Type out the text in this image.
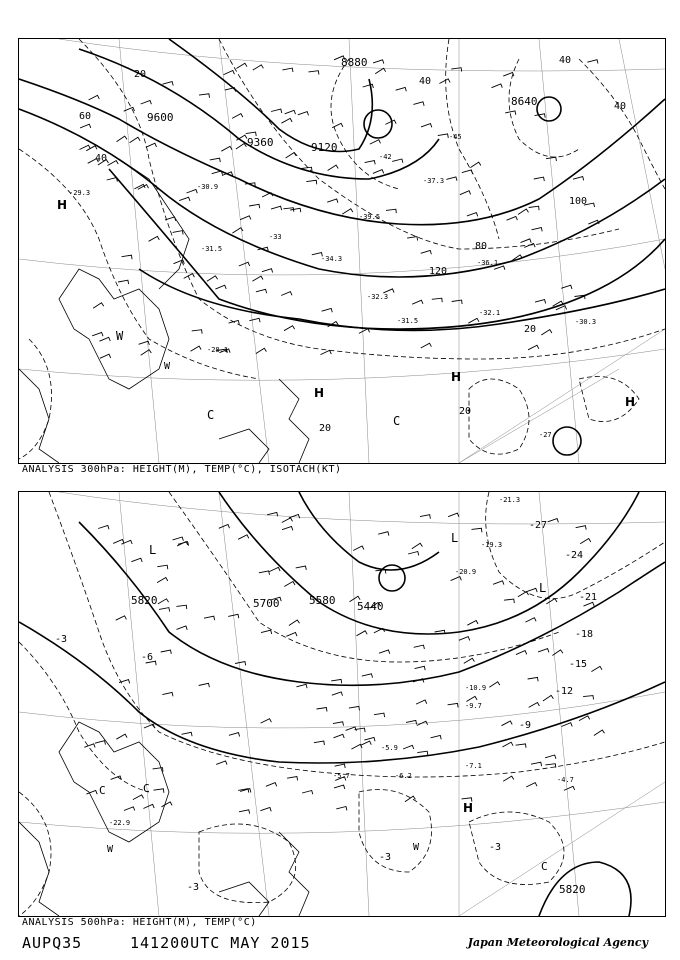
9600
9360	9120
8880
8640
20
40
60
80
100
120
20
20
20
40
40
40
-29.3
-30.9
-31.5
-33
-34.3
-32.3
-31.5
-32.1
-36.1
-39.5
-42
-45
-37.3
-30.3
-28.1
-27
H
H
H
H
W
W
C	C
ANALYSIS 300hPa: HEIGHT(M), TEMP(°C), ISOTACH(KT)
5820	5700	5580 5440
5820
-3
-6
-9
-12
-15
-18
-21
-24
-27
-3
-3
-3
-7.1
-4.7
-5.7	-6.2
-5.9
-22.9
-21.3
-19.3
-20.9
-10.9
-9.7
L
L
L
H
W
W
C	C
C
ANALYSIS 500hPa: HEIGHT(M), TEMP(°C)
AUPQ35	141200UTC MAY 2015	Japan Meteorological Agency
